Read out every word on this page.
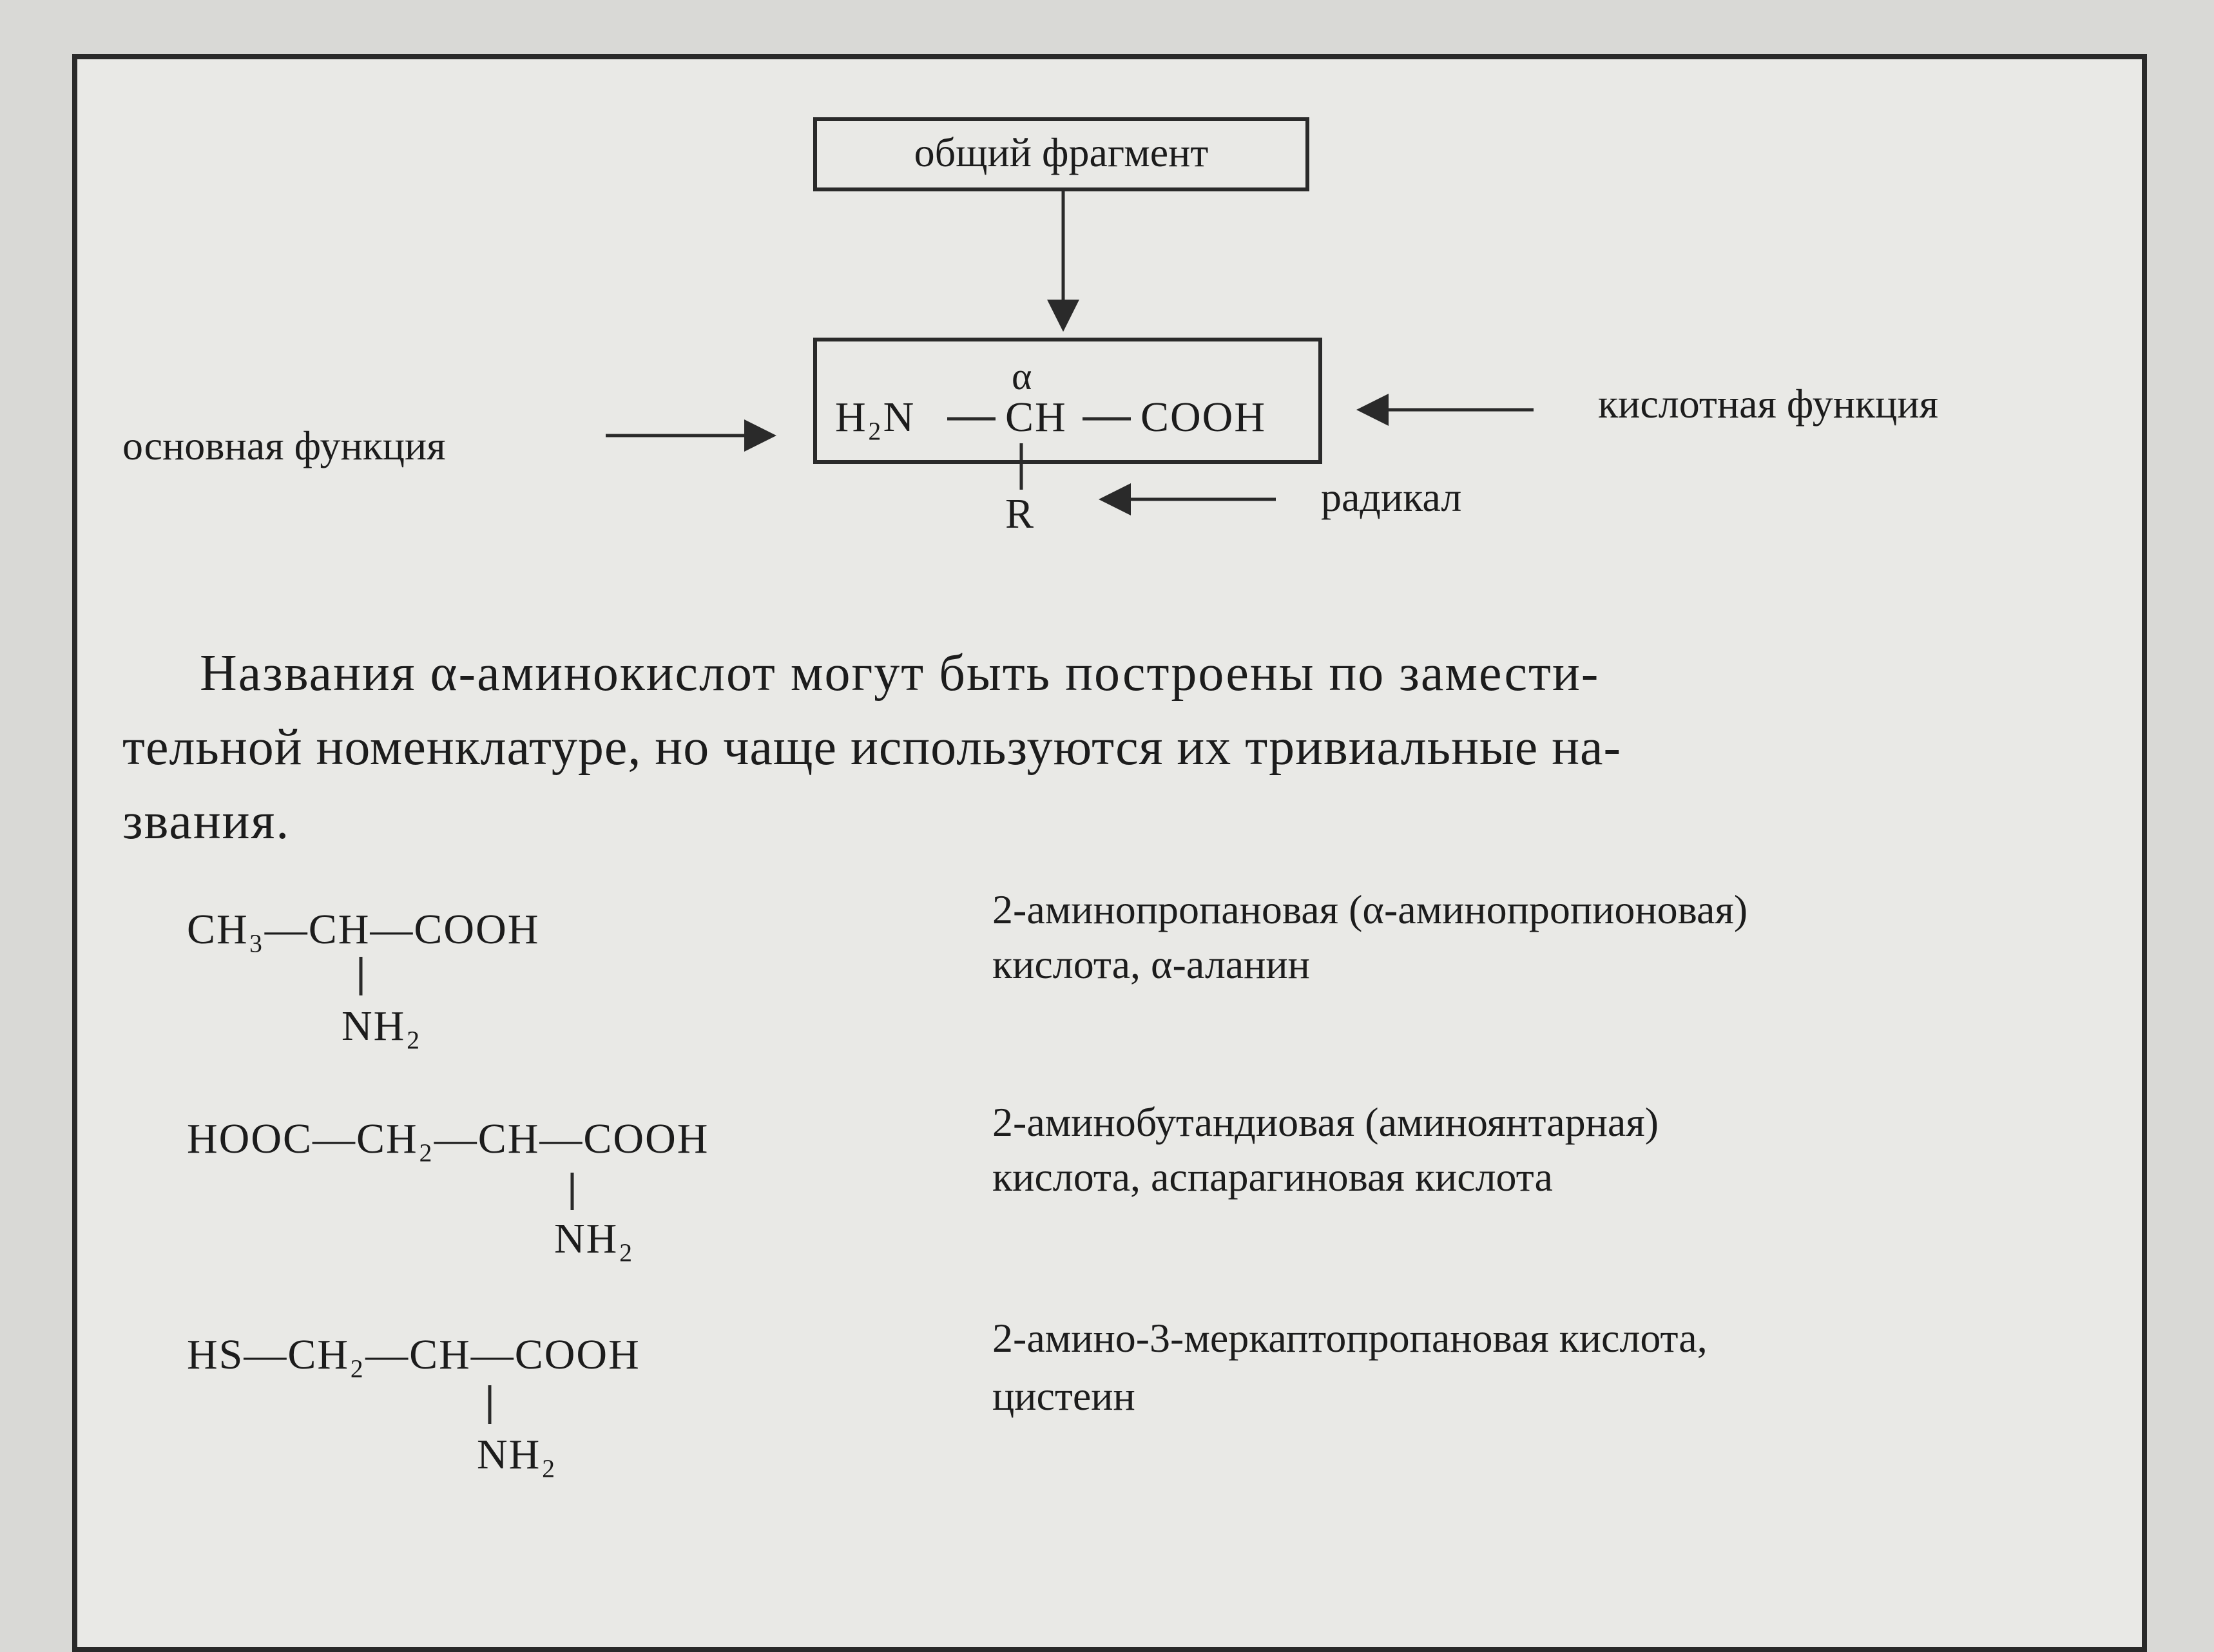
общий фрагмент
α
H₂N CH COOH
R
основная функция
кислотная функция
радикал
Названия α-аминокислот могут быть построены по замести-
тельной номенклатуре, но чаще используются их тривиальные на-
звания.
CH₃—CH—COOH
NH₂
2-аминопропановая (α-аминопропионовая)
кислота, α-аланин
HOOC—CH₂—CH—COOH
NH₂
2-аминобутандиовая (аминоянтарная)
кислота, аспарагиновая кислота
HS—CH₂—CH—COOH
NH₂
2-амино-3-меркаптопропановая кислота,
цистеин
